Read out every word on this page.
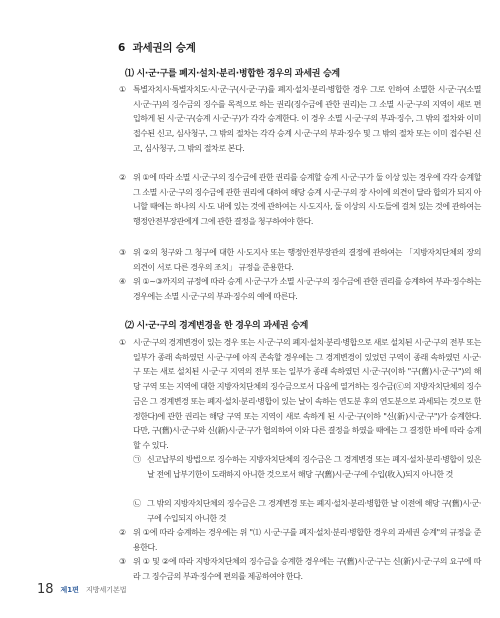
6 과세권의 승계
⑴ 시·군·구를 폐지·설치·분리·병합한 경우의 과세권 승계
① 특별자치시·특별자치도·시·군·구(시·군·구)를 폐지·설치·분리·병합한 경우 그로 인하여 소멸한 시·군·구(소멸 시·군·구)의 징수금의 징수를 목적으로 하는 권리(징수금에 관한 권리)는 그 소멸 시·군·구의 지역이 새로 편입하게 된 시·군·구(승계 시·군·구)가 각각 승계한다. 이 경우 소멸 시·군·구의 부과·징수, 그 밖의 절차와 이미 접수된 신고, 심사청구, 그 밖의 절차는 각각 승계 시·군·구의 부과·징수 및 그 밖의 절차 또는 이미 접수된 신고, 심사청구, 그 밖의 절차로 본다.
② 위 ①에 따라 소멸 시·군·구의 징수금에 관한 권리를 승계할 승계 시·군·구가 둘 이상 있는 경우에 각각 승계할 그 소멸 시·군·구의 징수금에 관한 권리에 대하여 해당 승계 시·군·구의 장 사이에 의견이 달라 합의가 되지 아니할 때에는 하나의 시·도 내에 있는 것에 관하여는 시·도지사, 둘 이상의 시·도들에 걸쳐 있는 것에 관하여는 행정안전부장관에게 그에 관한 결정을 청구하여야 한다.
③ 위 ②의 청구와 그 청구에 대한 시·도지사 또는 행정안전부장관의 결정에 관하여는 「지방자치단체의 장의 의견이 서로 다른 경우의 조치」 규정을 준용한다.
④ 위 ①~③까지의 규정에 따라 승계 시·군·구가 소멸 시·군·구의 징수금에 관한 권리를 승계하여 부과·징수하는 경우에는 소멸 시·군·구의 부과·징수의 예에 따른다.
⑵ 시·군·구의 경계변경을 한 경우의 과세권 승계
① 시·군·구의 경계변경이 있는 경우 또는 시·군·구의 폐지·설치·분리·병합으로 새로 설치된 시·군·구의 전부 또는 일부가 종래 속하였던 시·군·구에 아직 존속할 경우에는 그 경계변경이 있었던 구역이 종래 속하였던 시·군·구 또는 새로 설치된 시·군·구 지역의 전부 또는 일부가 종래 속하였던 시·군·구(이하 "구(舊)시·군·구")의 해당 구역 또는 지역에 대한 지방자치단체의 징수금으로서 다음에 열거하는 징수금(ⓒ의 지방자치단체의 징수금은 그 경계변경 또는 폐지·설치·분리·병합이 있는 날이 속하는 연도분 후의 연도분으로 과세되는 것으로 한정한다)에 관한 권리는 해당 구역 또는 지역이 새로 속하게 된 시·군·구(이하 "신(新)시·군·구")가 승계한다. 다만, 구(舊)시·군·구와 신(新)시·군·구가 협의하여 이와 다른 결정을 하였을 때에는 그 결정한 바에 따라 승계할 수 있다.
㉠ 신고납부의 방법으로 징수하는 지방자치단체의 징수금은 그 경계변경 또는 폐지·설치·분리·병합이 있은 날 전에 납부기한이 도래하지 아니한 것으로서 해당 구(舊)시·군·구에 수입(收入)되지 아니한 것
㉡ 그 밖의 지방자치단체의 징수금은 그 경계변경 또는 폐지·설치·분리·병합한 날 이전에 해당 구(舊)시·군·구에 수입되지 아니한 것
② 위 ①에 따라 승계하는 경우에는 위 "⑴ 시·군·구를 폐지·설치·분리·병합한 경우의 과세권 승계"의 규정을 준용한다.
③ 위 ① 및 ②에 따라 지방자치단체의 징수금을 승계한 경우에는 구(舊)시·군·구는 신(新)시·군·구의 요구에 따라 그 징수금의 부과·징수에 편의를 제공하여야 한다.
18 제1편 지방세기본법
